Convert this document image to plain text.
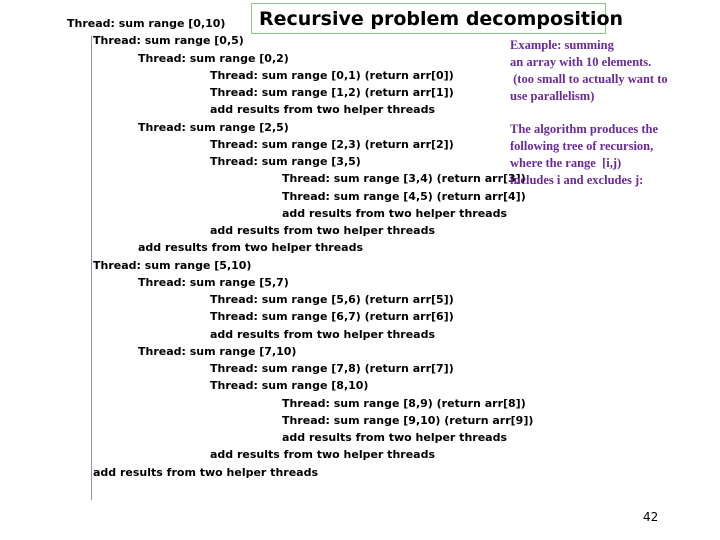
Recursive problem decomposition
Thread: sum range [0,10)
Thread: sum range [0,5)
Thread: sum range [0,2)
Thread: sum range [0,1) (return arr[0])
Thread: sum range [1,2) (return arr[1])
add results from two helper threads
Thread: sum range [2,5)
Thread: sum range [2,3) (return arr[2])
Thread: sum range [3,5)
Thread: sum range [3,4) (return arr[3])
Thread: sum range [4,5) (return arr[4])
add results from two helper threads
add results from two helper threads
add results from two helper threads
Thread: sum range [5,10)
Thread: sum range [5,7)
Thread: sum range [5,6) (return arr[5])
Thread: sum range [6,7) (return arr[6])
add results from two helper threads
Thread: sum range [7,10)
Thread: sum range [7,8) (return arr[7])
Thread: sum range [8,10)
Thread: sum range [8,9) (return arr[8])
Thread: sum range [9,10) (return arr[9])
add results from two helper threads
add results from two helper threads
add results from two helper threads

Example: summing

an array with 10 elements.

(too small to actually want to

use parallelism)

The algorithm produces the

following tree of recursion,

where the range  [i,j)

includes i and excludes j:

42
